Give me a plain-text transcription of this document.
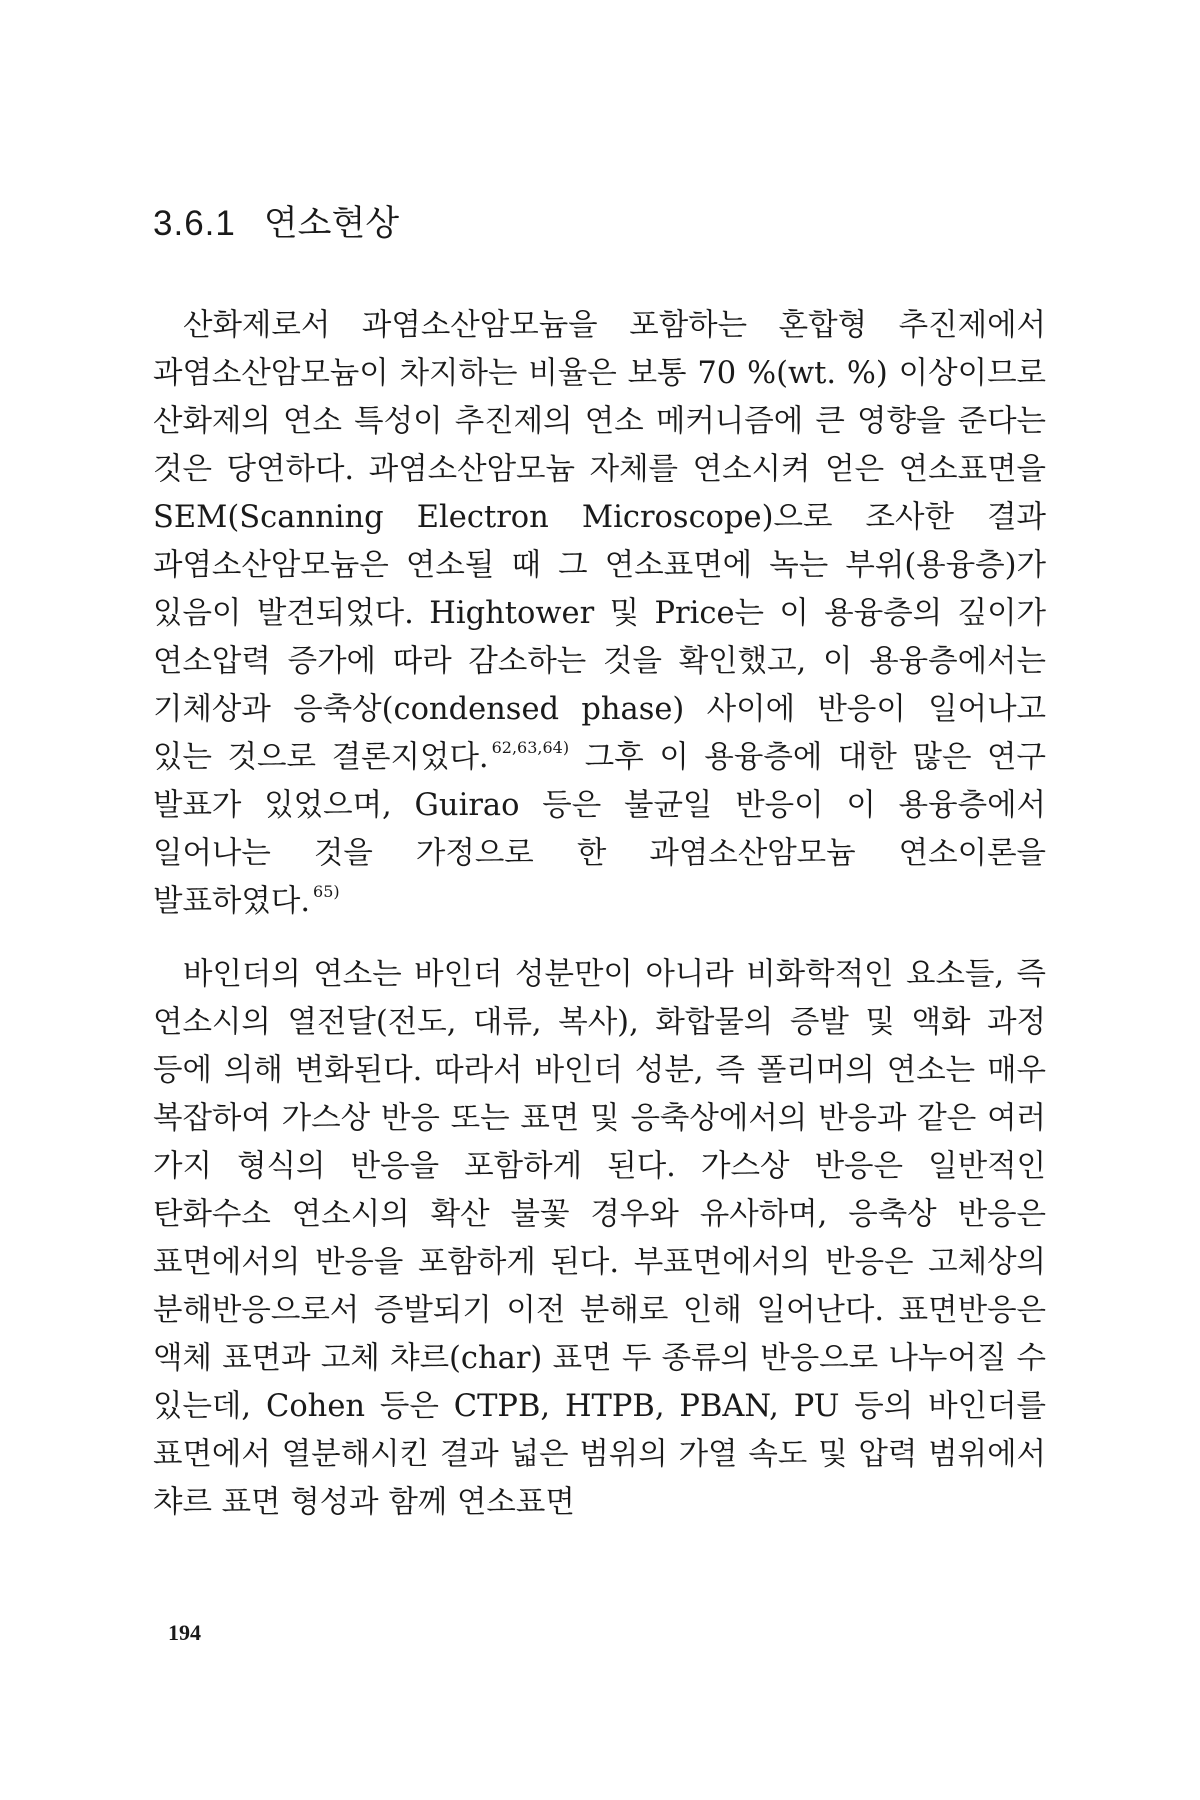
3.6.1 연소현상

산화제로서 과염소산암모늄을 포함하는 혼합형 추진제에서 과염소산암모늄이 차지하는 비율은 보통 70 %(wt. %) 이상이므로 산화제의 연소 특성이 추진제의 연소 메커니즘에 큰 영향을 준다는 것은 당연하다. 과염소산암모늄 자체를 연소시켜 얻은 연소표면을 SEM(Scanning Electron Microscope)으로 조사한 결과 과염소산암모늄은 연소될 때 그 연소표면에 녹는 부위(용융층)가 있음이 발견되었다. Hightower 및 Price는 이 용융층의 깊이가 연소압력 증가에 따라 감소하는 것을 확인했고, 이 용융층에서는 기체상과 응축상(condensed phase) 사이에 반응이 일어나고 있는 것으로 결론지었다. $^{62,63,64)}$ 그후 이 용융층에 대한 많은 연구 발표가 있었으며, Guirao 등은 불균일 반응이 이 용융층에서 일어나는 것을 가정으로 한 과염소산암모늄 연소이론을 발표하였다. $^{65)}$

바인더의 연소는 바인더 성분만이 아니라 비화학적인 요소들, 즉 연소시의 열전달(전도, 대류, 복사), 화합물의 증발 및 액화 과정 등에 의해 변화된다. 따라서 바인더 성분, 즉 폴리머의 연소는 매우 복잡하여 가스상 반응 또는 표면 및 응축상에서의 반응과 같은 여러 가지 형식의 반응을 포함하게 된다. 가스상 반응은 일반적인 탄화수소 연소시의 확산 불꽃 경우와 유사하며, 응축상 반응은 표면에서의 반응을 포함하게 된다. 부표면에서의 반응은 고체상의 분해반응으로서 증발되기 이전 분해로 인해 일어난다. 표면반응은 액체 표면과 고체 챠르(char) 표면 두 종류의 반응으로 나누어질 수 있는데, Cohen 등은 CTPB, HTPB, PBAN, PU 등의 바인더를 표면에서 열분해시킨 결과 넓은 범위의 가열 속도 및 압력 범위에서 챠르 표면 형성과 함께 연소표면

194
